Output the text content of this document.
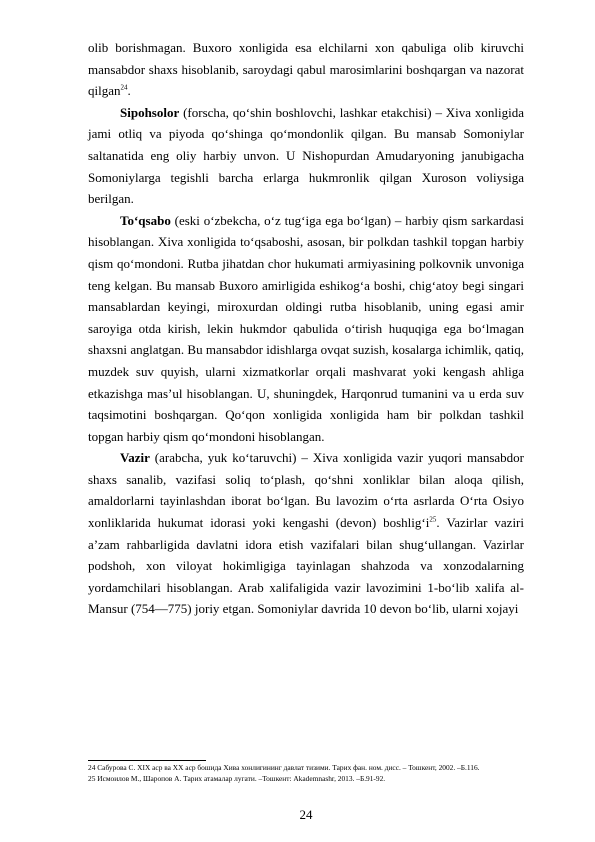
olib borishmagan. Buxoro xonligida esa elchilarni xon qabuliga olib kiruvchi mansabdor shaxs hisoblanib, saroydagi qabul marosimlarini boshqargan va nazorat qilgan$^{24}$.

Sipohsolor (forscha, qo‘shin boshlovchi, lashkar etakchisi) – Xiva xonligida jami otliq va piyoda qo‘shinga qo‘mondonlik qilgan. Bu mansab Somoniylar saltanatida eng oliy harbiy unvon. U Nishopurdan Amudaryoning janubigacha Somoniylarga tegishli barcha erlarga hukmronlik qilgan Xuroson voliysiga berilgan.

To‘qsabo (eski o‘zbekcha, o‘z tug‘iga ega bo‘lgan) – harbiy qism sarkardasi hisoblangan. Xiva xonligida to‘qsaboshi, asosan, bir polkdan tashkil topgan harbiy qism qo‘mondoni. Rutba jihatdan chor hukumati armiyasining polkovnik unvoniga teng kelgan. Bu mansab Buxoro amirligida eshikog‘a boshi, chig‘atoy begi singari mansablardan keyingi, miroxurdan oldingi rutba hisoblanib, uning egasi amir saroyiga otda kirish, lekin hukmdor qabulida o‘tirish huquqiga ega bo‘lmagan shaxsni anglatgan. Bu mansabdor idishlarga ovqat suzish, kosalarga ichimlik, qatiq, muzdek suv quyish, ularni xizmatkorlar orqali mashvarat yoki kengash ahliga etkazishga mas’ul hisoblangan. U, shuningdek, Harqonrud tumanini va u erda suv taqsimotini boshqargan. Qo‘qon xonligida xonligida ham bir polkdan tashkil topgan harbiy qism qo‘mondoni hisoblangan.

Vazir (arabcha, yuk ko‘taruvchi) – Xiva xonligida vazir yuqori mansabdor shaxs sanalib, vazifasi soliq to‘plash, qo‘shni xonliklar bilan aloqa qilish, amaldorlarni tayinlashdan iborat bo‘lgan. Bu lavozim o‘rta asrlarda O‘rta Osiyo xonliklarida hukumat idorasi yoki kengashi (devon) $boshlig‘i^{25}$. Vazirlar vaziri a’zam rahbarligida davlatni idora etish vazifalari bilan shug‘ullangan. Vazirlar podshoh, xon viloyat hokimligiga tayinlagan shahzoda va xonzodalarning yordamchilari hisoblangan. Arab xalifaligida vazir lavozimini 1-bo‘lib xalifa al-Mansur (754—775) joriy etgan. Somoniylar davrida 10 devon bo‘lib, ularni xojayi

24 Сабурова С. XIX аср ва XX аср бошида Хива хонлигининг давлат тизими. Тарих фан. ном. дисс. – Тошкент, 2002. –Б.116.

25 Исмоилов М., Шаропов А. Тарих атамалар лугати. –Тошкент: Akademnashr, 2013. –Б.91-92.

24
